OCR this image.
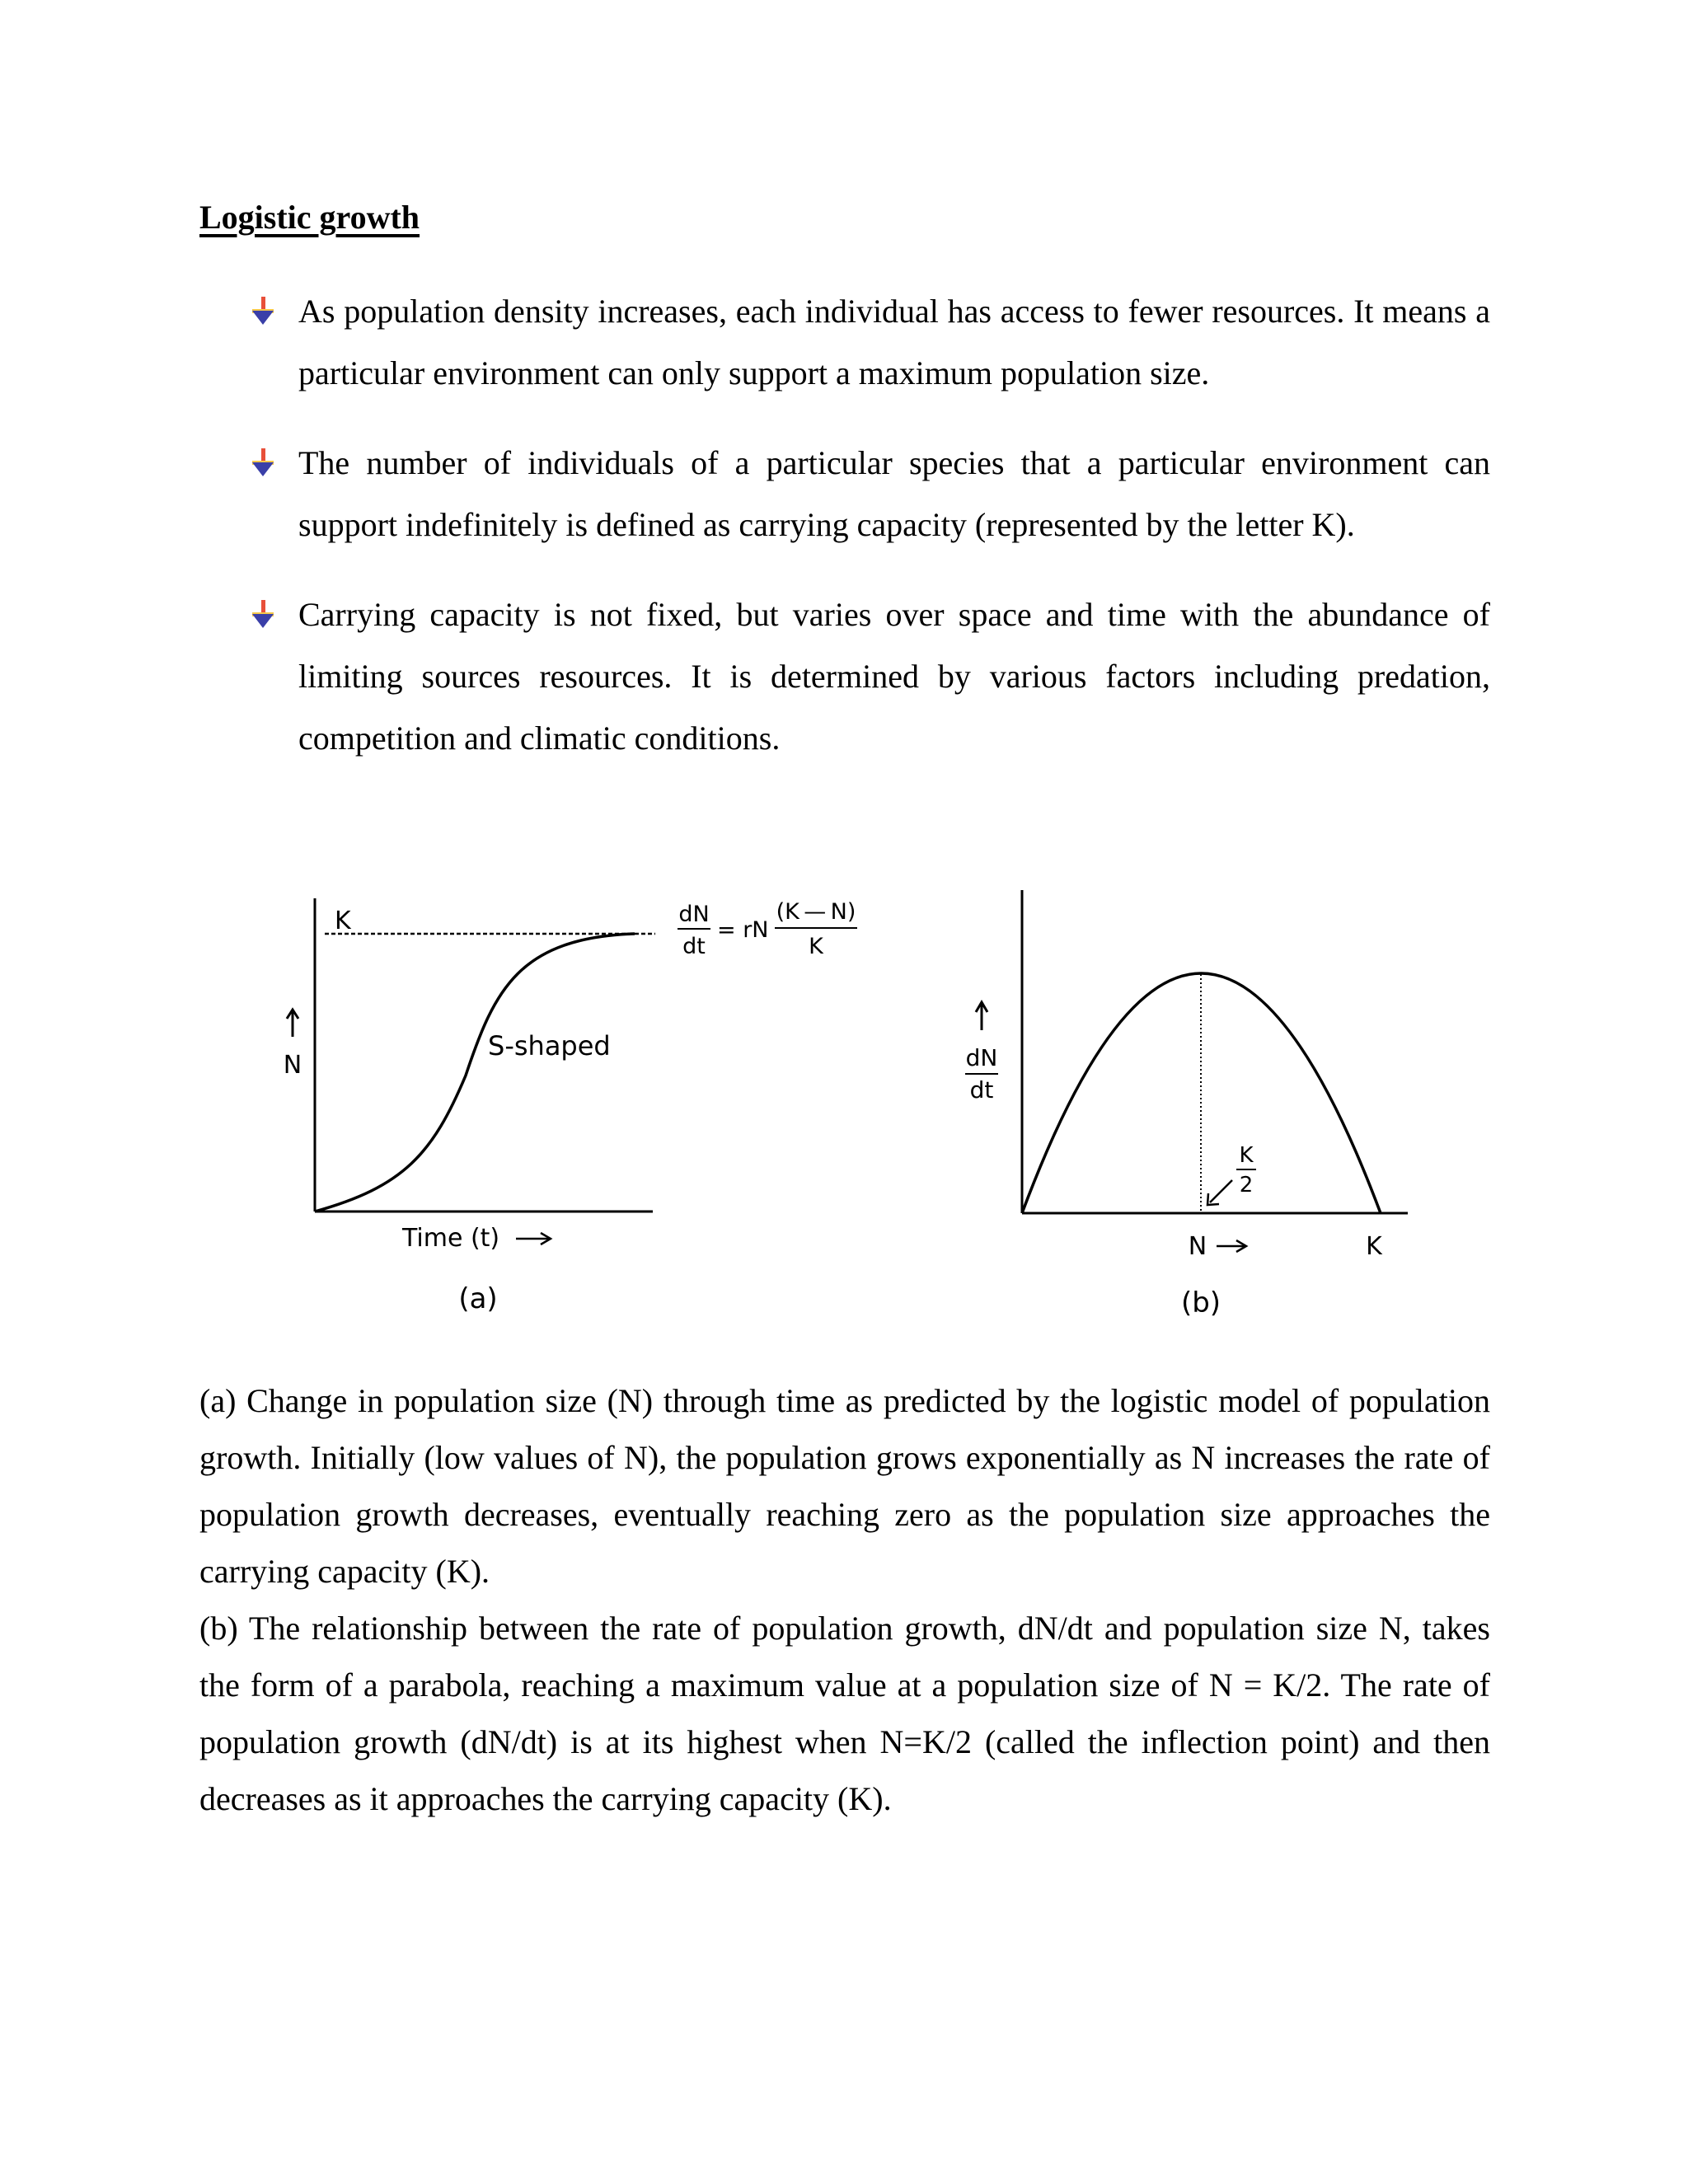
Logistic growth
As population density increases, each individual has access to fewer resources. It means a particular environment can only support a maximum population size.
The number of individuals of a particular species that a particular environment can support indefinitely is defined as carrying capacity (represented by the letter K).
Carrying capacity is not fixed, but varies over space and time with the abundance of limiting sources resources. It is determined by various factors including predation, competition and climatic conditions.
K
N
S-shaped
Time (t)
(a)
dN
dt
= rN
(K — N)
K
dN
dt
K
2
N	K
(b)

(a) Change in population size (N) through time as predicted by the logistic model of population growth. Initially (low values of N), the population grows exponentially as N increases the rate of population growth decreases, eventually reaching zero as the population size approaches the carrying capacity (K).

(b) The relationship between the rate of population growth, dN/dt and population size N, takes the form of a parabola, reaching a maximum value at a population size of N = K/2. The rate of population growth (dN/dt) is at its highest when N=K/2 (called the inflection point) and then decreases as it approaches the carrying capacity (K).
